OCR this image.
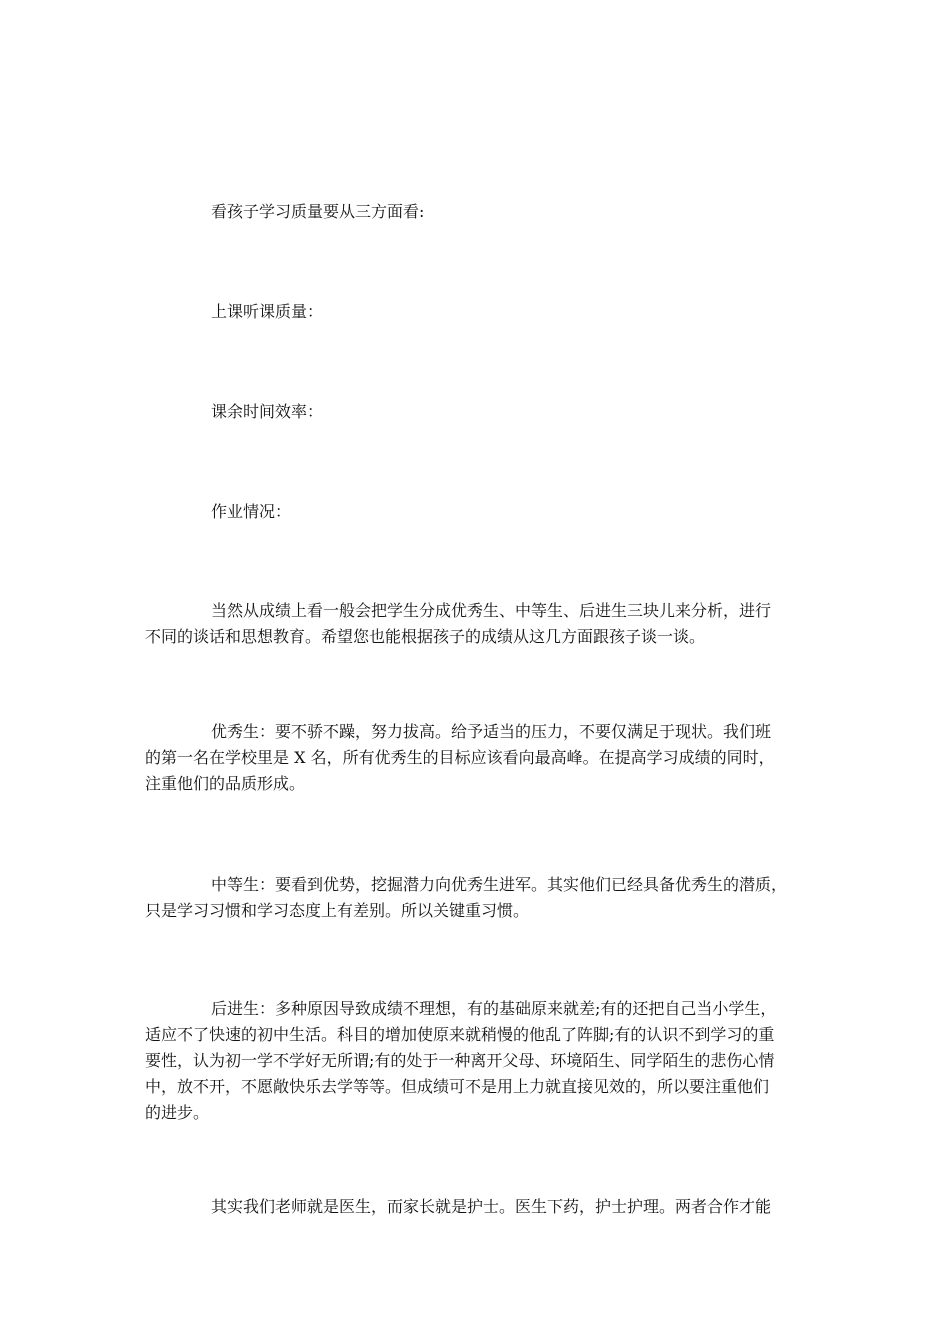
看孩子学习质量要从三方面看:

上课听课质量：

课余时间效率：

作业情况：

当然从成绩上看一般会把学生分成优秀生、中等生、后进生三块儿来分析，进行
不同的谈话和思想教育。希望您也能根据孩子的成绩从这几方面跟孩子谈一谈。
优秀生：要不骄不躁，努力拔高。给予适当的压力，不要仅满足于现状。我们班
的第一名在学校里是 X 名，所有优秀生的目标应该看向最高峰。在提高学习成绩的同时，
注重他们的品质形成。
中等生：要看到优势，挖掘潜力向优秀生进军。其实他们已经具备优秀生的潜质，
只是学习习惯和学习态度上有差别。所以关键重习惯。
后进生：多种原因导致成绩不理想，有的基础原来就差;有的还把自己当小学生，
适应不了快速的初中生活。科目的增加使原来就稍慢的他乱了阵脚;有的认识不到学习的重
要性，认为初一学不学好无所谓;有的处于一种离开父母、环境陌生、同学陌生的悲伤心情
中，放不开，不愿敞快乐去学等等。但成绩可不是用上力就直接见效的，所以要注重他们
的进步。
其实我们老师就是医生，而家长就是护士。医生下药，护士护理。两者合作才能
